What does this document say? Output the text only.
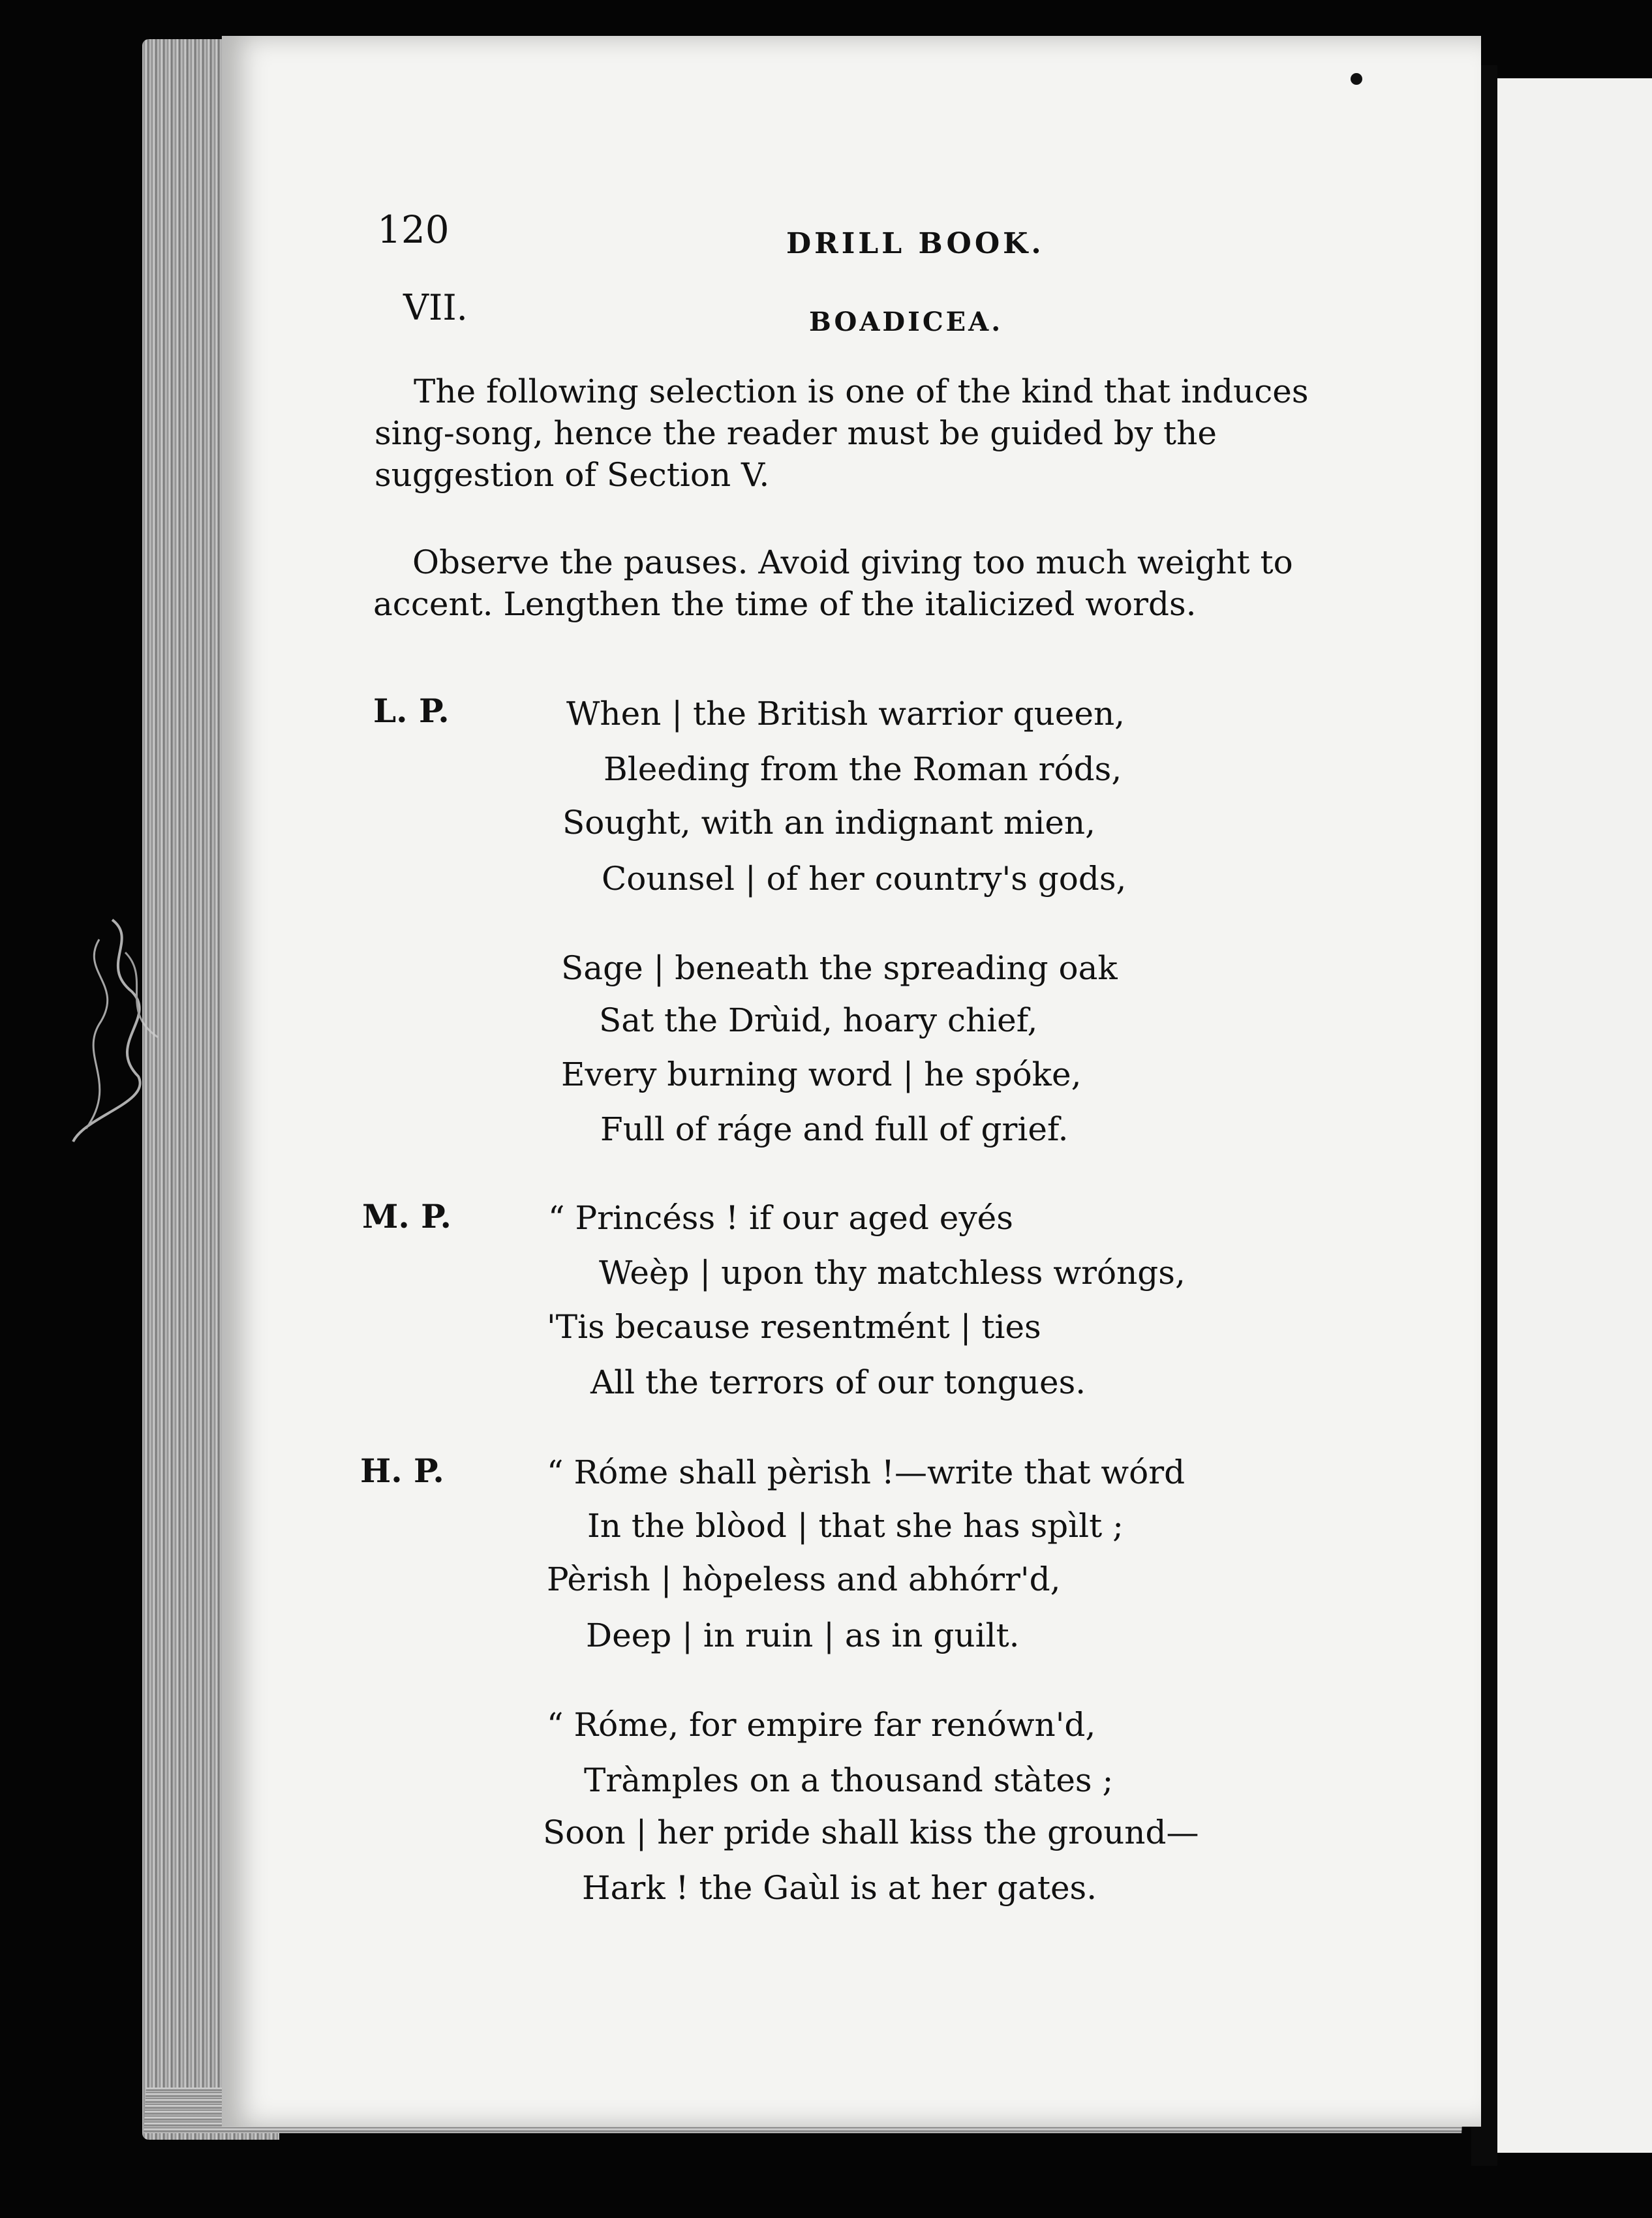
120	DRILL BOOK.
VII.	BOADICEA.
The following selection is one of the kind that induces sing-song, hence the reader must be guided by the suggestion of Section V.
Observe the pauses. Avoid giving too much weight to accent. Lengthen the time of the italicized words.
L. P.
M. P.
H. P.
When | the British warrior queen,
Bleeding from the Roman róds,
Sought, with an indignant mien,
Counsel | of her country's gods,
Sage | beneath the spreading oak
Sat the Drùid, hoary chief,
Every burning word | he spóke,
Full of ráge and full of grief.
“ Princéss ! if our aged eyés
Weèp | upon thy matchless wróngs,
'Tis because resentmént | ties
All the terrors of our tongues.
“ Róme shall pèrish !—write that wórd
In the blòod | that she has spìlt ;
Pèrish | hòpeless and abhórr'd,
Deep | in ruin | as in guilt.
“ Róme, for empire far renówn'd,
Tràmples on a thousand stàtes ;
Soon | her pride shall kiss the ground—
Hark ! the Gaùl is at her gates.
